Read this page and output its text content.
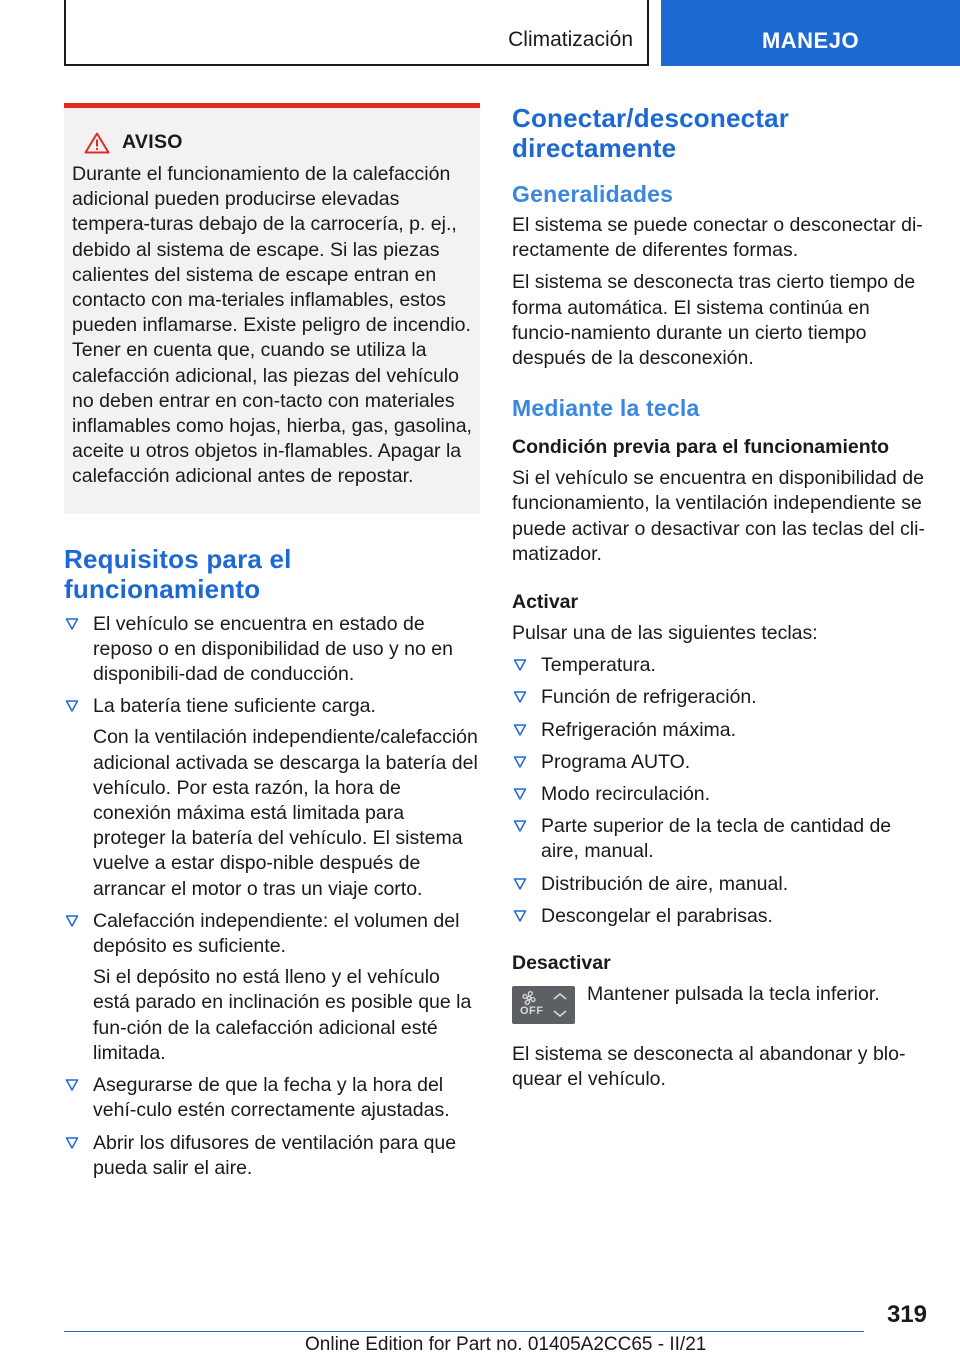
Climatización	MANEJO
AVISO

Durante el funcionamiento de la calefacción adicional pueden producirse elevadas tempera-turas debajo de la carrocería, p. ej., debido al sistema de escape. Si las piezas calientes del sistema de escape entran en contacto con ma-teriales inflamables, estos pueden inflamarse. Existe peligro de incendio. Tener en cuenta que, cuando se utiliza la calefacción adicional, las piezas del vehículo no deben entrar en con-tacto con materiales inflamables como hojas, hierba, gas, gasolina, aceite u otros objetos in-flamables. Apagar la calefacción adicional antes de repostar.

Requisitos para el funcionamiento

El vehículo se encuentra en estado de reposo o en disponibilidad de uso y no en disponibili-dad de conducción.

La batería tiene suficiente carga.

Con la ventilación independiente/calefacción adicional activada se descarga la batería del vehículo. Por esta razón, la hora de conexión máxima está limitada para proteger la batería del vehículo. El sistema vuelve a estar dispo-nible después de arrancar el motor o tras un viaje corto.

Calefacción independiente: el volumen del depósito es suficiente.

Si el depósito no está lleno y el vehículo está parado en inclinación es posible que la fun-ción de la calefacción adicional esté limitada.

Asegurarse de que la fecha y la hora del vehí-culo estén correctamente ajustadas.

Abrir los difusores de ventilación para que pueda salir el aire.

Conectar/desconectar directamente
Generalidades

El sistema se puede conectar o desconectar di-rectamente de diferentes formas.

El sistema se desconecta tras cierto tiempo de forma automática. El sistema continúa en funcio-namiento durante un cierto tiempo después de la desconexión.

Mediante la tecla
Condición previa para el funcionamiento

Si el vehículo se encuentra en disponibilidad de funcionamiento, la ventilación independiente se puede activar o desactivar con las teclas del cli-matizador.

Activar

Pulsar una de las siguientes teclas:

Temperatura.

Función de refrigeración.

Refrigeración máxima.

Programa AUTO.

Modo recirculación.

Parte superior de la tecla de cantidad de aire, manual.

Distribución de aire, manual.

Descongelar el parabrisas.

Desactivar
OFF

Mantener pulsada la tecla inferior.

El sistema se desconecta al abandonar y blo-quear el vehículo.

319
Online Edition for Part no. 01405A2CC65 - II/21
